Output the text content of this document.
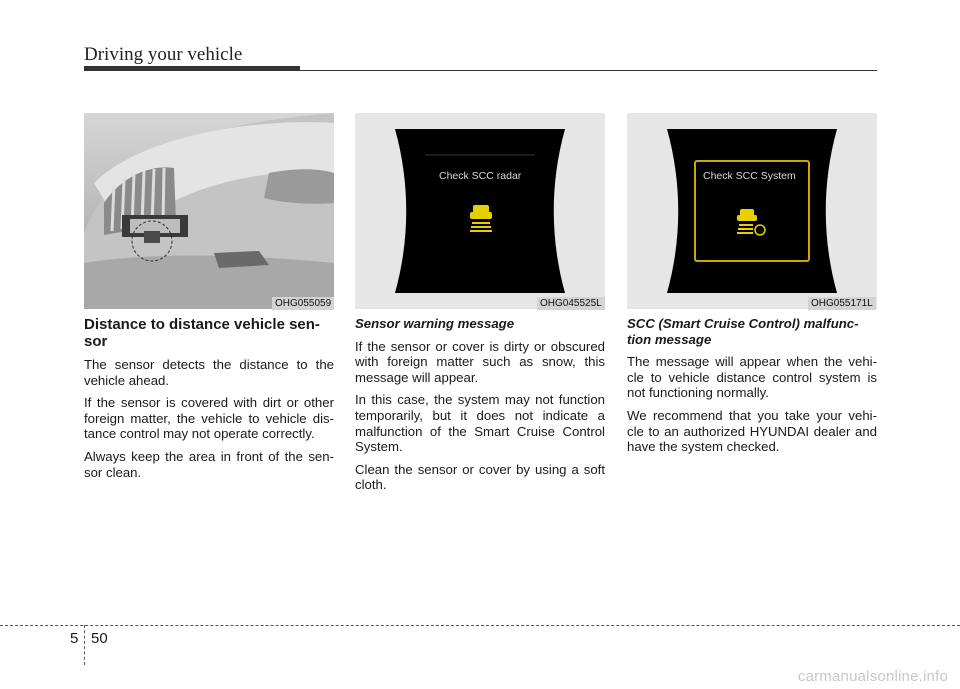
Driving your vehicle
OHG055059
Check SCC radar
OHG045525L
Check SCC System
OHG055171L

Distance to distance vehicle sen-sor

The sensor detects the distance to the vehicle ahead.

If the sensor is covered with dirt or other foreign matter, the vehicle to vehicle dis-tance control may not operate correctly.

Always keep the area in front of the sen-sor clean.

Sensor warning message

If the sensor or cover is dirty or obscured with foreign matter such as snow, this message will appear.

In this case, the system may not function temporarily, but it does not indicate a malfunction of the Smart Cruise Control System.

Clean the sensor or cover by using a soft cloth.

SCC (Smart Cruise Control) malfunc-tion message

The message will appear when the vehi-cle to vehicle distance control system is not functioning normally.

We recommend that you take your vehi-cle to an authorized HYUNDAI dealer and have the system checked.

5 50
carmanualsonline.info
